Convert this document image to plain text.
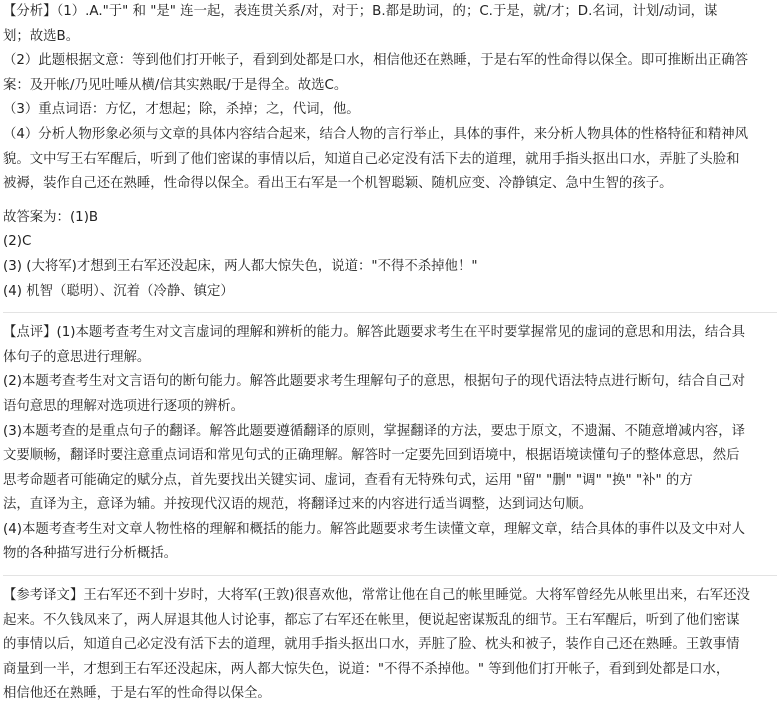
【分析】（1）.A."于" 和 "是" 连一起，表连贯关系/对，对于；B.都是助词，的；C.于是，就/才；D.名词，计划/动词，谋
划；故选B。
（2）此题根据文意：等到他们打开帐子，看到到处都是口水，相信他还在熟睡，于是右军的性命得以保全。即可推断出正确答
案：及开帐/乃见吐唾从横/信其实熟眠/于是得全。故选C。
（3）重点词语：方忆，才想起；除，杀掉；之，代词，他。
（4）分析人物形象必须与文章的具体内容结合起来，结合人物的言行举止，具体的事件，来分析人物具体的性格特征和精神风
貌。文中写王右军醒后，听到了他们密谋的事情以后，知道自己必定没有活下去的道理，就用手指头抠出口水，弄脏了头脸和
被褥，装作自己还在熟睡，性命得以保全。看出王右军是一个机智聪颖、随机应变、冷静镇定、急中生智的孩子。
故答案为：(1)B
(2)C
(3) (大将军)才想到王右军还没起床，两人都大惊失色，说道："不得不杀掉他！"
(4) 机智（聪明）、沉着（冷静、镇定）
【点评】(1)本题考查考生对文言虚词的理解和辨析的能力。解答此题要求考生在平时要掌握常见的虚词的意思和用法，结合具
体句子的意思进行理解。
(2)本题考查考生对文言语句的断句能力。解答此题要求考生理解句子的意思，根据句子的现代语法特点进行断句，结合自己对
语句意思的理解对选项进行逐项的辨析。
(3)本题考查的是重点句子的翻译。解答此题要遵循翻译的原则，掌握翻译的方法，要忠于原文，不遗漏、不随意增减内容，译
文要顺畅，翻译时要注意重点词语和常见句式的正确理解。解答时一定要先回到语境中，根据语境读懂句子的整体意思，然后
思考命题者可能确定的赋分点，首先要找出关键实词、虚词，查看有无特殊句式，运用 "留" "删" "调" "换" "补" 的方
法，直译为主，意译为辅。并按现代汉语的规范，将翻译过来的内容进行适当调整，达到词达句顺。
(4)本题考查考生对文章人物性格的理解和概括的能力。解答此题要求考生读懂文章，理解文章，结合具体的事件以及文中对人
物的各种描写进行分析概括。
【参考译文】王右军还不到十岁时，大将军(王敦)很喜欢他，常常让他在自己的帐里睡觉。大将军曾经先从帐里出来，右军还没
起来。不久钱凤来了，两人屏退其他人讨论事，都忘了右军还在帐里，便说起密谋叛乱的细节。王右军醒后，听到了他们密谋
的事情以后，知道自己必定没有活下去的道理，就用手指头抠出口水，弄脏了脸、枕头和被子，装作自己还在熟睡。王敦事情
商量到一半，才想到王右军还没起床，两人都大惊失色，说道："不得不杀掉他。" 等到他们打开帐子，看到到处都是口水，
相信他还在熟睡，于是右军的性命得以保全。
